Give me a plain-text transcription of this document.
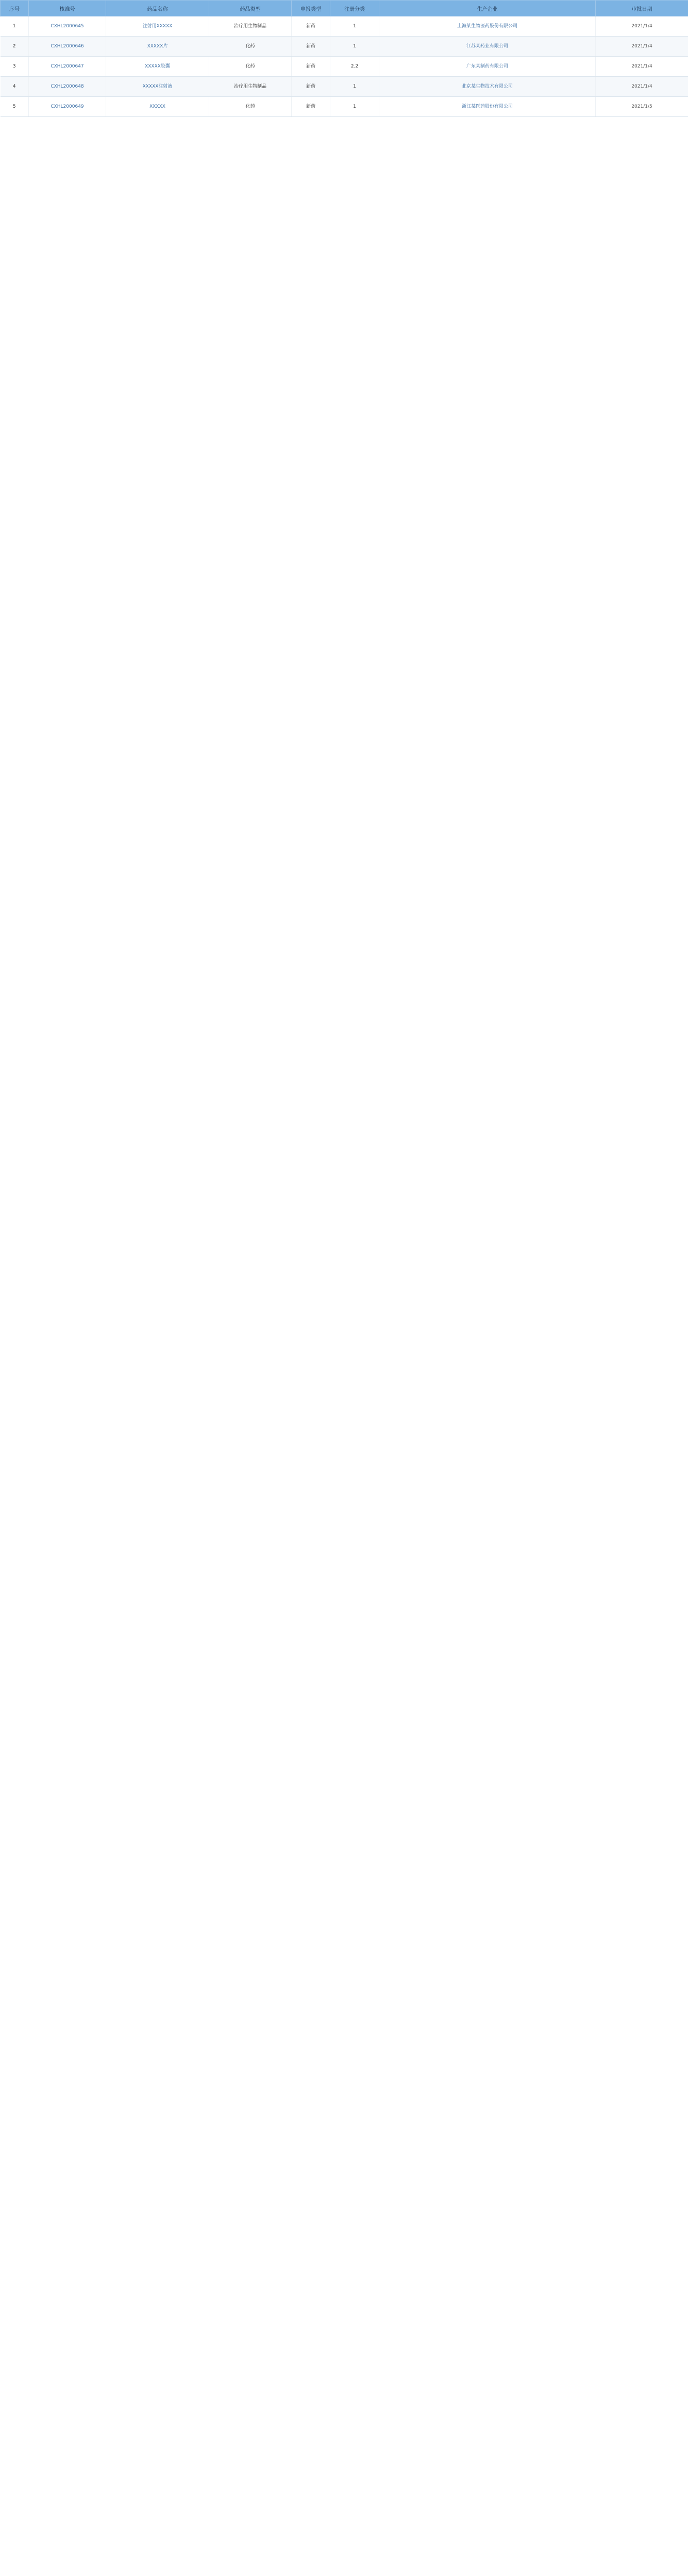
序号	核准号	药品名称	药品类型	申报类型	注册分类	生产企业	审批日期
1	CXHL2000645	注射用XXXXX	治疗用生物制品	新药	1	上海某生物医药股份有限公司	2021/1/4
2	CXHL2000646	XXXXX片	化药	新药	1	江苏某药业有限公司	2021/1/4
3	CXHL2000647	XXXXX胶囊	化药	新药	2.2	广东某制药有限公司	2021/1/4
4	CXHL2000648	XXXXX注射液	治疗用生物制品	新药	1	北京某生物技术有限公司	2021/1/4
5	CXHL2000649	XXXXX	化药	新药	1	浙江某医药股份有限公司	2021/1/5
